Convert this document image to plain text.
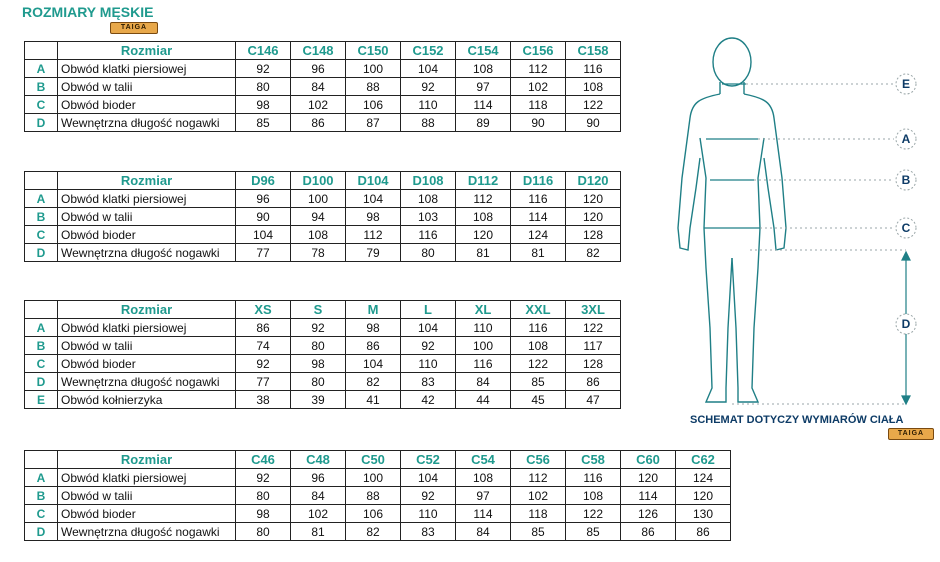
ROZMIARY MĘSKIE
TAIGA
	Rozmiar	C146	C148	C150	C152	C154	C156	C158
A	Obwód klatki piersiowej	92	96	100	104	108	112	116
B	Obwód w talii	80	84	88	92	97	102	108
C	Obwód bioder	98	102	106	110	114	118	122
D	Wewnętrzna długość nogawki	85	86	87	88	89	90	90
	Rozmiar	D96	D100	D104	D108	D112	D116	D120
A	Obwód klatki piersiowej	96	100	104	108	112	116	120
B	Obwód w talii	90	94	98	103	108	114	120
C	Obwód bioder	104	108	112	116	120	124	128
D	Wewnętrzna długość nogawki	77	78	79	80	81	81	82
	Rozmiar	XS	S	M	L	XL	XXL	3XL
A	Obwód klatki piersiowej	86	92	98	104	110	116	122
B	Obwód w talii	74	80	86	92	100	108	117
C	Obwód bioder	92	98	104	110	116	122	128
D	Wewnętrzna długość nogawki	77	80	82	83	84	85	86
E	Obwód kołnierzyka	38	39	41	42	44	45	47
	Rozmiar	C46	C48	C50	C52	C54	C56	C58	C60	C62
A	Obwód klatki piersiowej	92	96	100	104	108	112	116	120	124
B	Obwód w talii	80	84	88	92	97	102	108	114	120
C	Obwód bioder	98	102	106	110	114	118	122	126	130
D	Wewnętrzna długość nogawki	80	81	82	83	84	85	85	86	86
E
A
B
C
D
SCHEMAT DOTYCZY WYMIARÓW CIAŁA
TAIGA
